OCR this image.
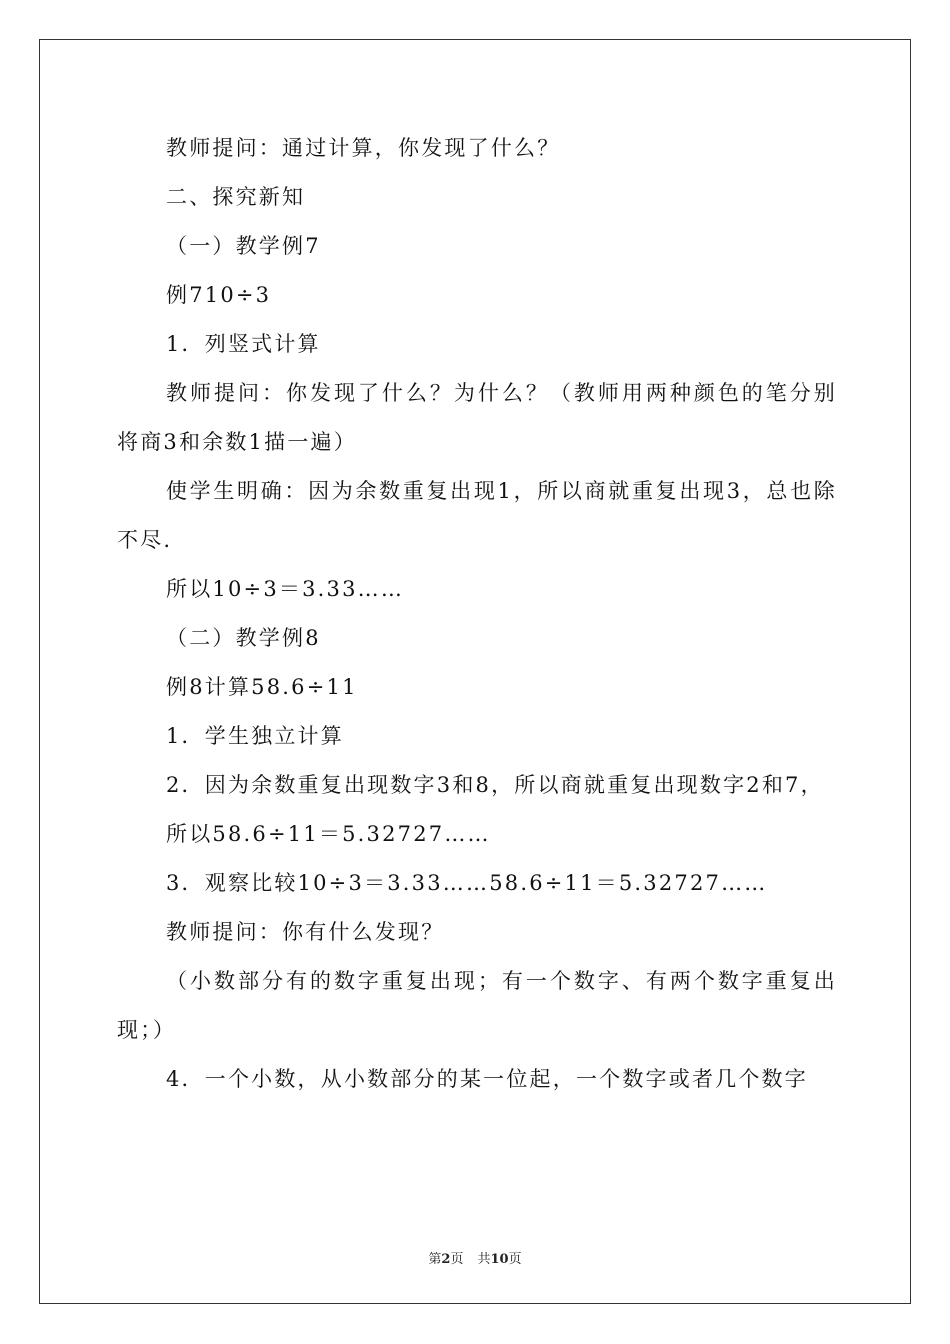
教师提问：通过计算，你发现了什么？

二、探究新知

（一）教学例7

例710÷3

1．列竖式计算

教师提问：你发现了什么？为什么？（教师用两种颜色的笔分别将商3和余数1描一遍）

使学生明确：因为余数重复出现1，所以商就重复出现3，总也除不尽.

所以10÷3＝3.33……

（二）教学例8

例8计算58.6÷11

1．学生独立计算

2．因为余数重复出现数字3和8，所以商就重复出现数字2和7，

所以58.6÷11＝5.32727……

3．观察比较10÷3＝3.33……58.6÷11＝5.32727……

教师提问：你有什么发现？

（小数部分有的数字重复出现；有一个数字、有两个数字重复出现；）

4．一个小数，从小数部分的某一位起，一个数字或者几个数字

第2页 共10页
